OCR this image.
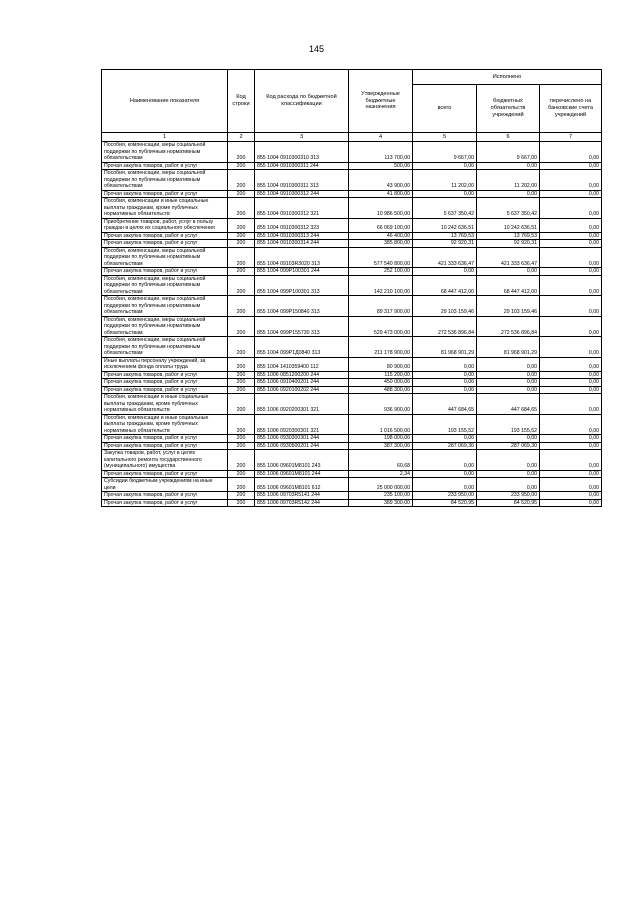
145
Наименование показателя	Код строки	Код расхода по бюджетной классификации	Утвержденные бюджетные назначения	Исполнено		
				всего	бюджетных обязательств учреждений	перечислено на банковские счета учреждений
1	2	3	4	5	6	7
Пособия, компенсации, меры социальной поддержки по публичным нормативным обязательствам	200	855 1004 0910300310 313	113 700,00	9 667,00	9 667,00	0,00
Прочая закупка товаров, работ и услуг	200	855 1004 0910300311 244	500,00	0,00	0,00	0,00
Пособия, компенсации, меры социальной поддержки по публичным нормативным обязательствам	200	855 1004 0910300311 313	43 900,00	11 202,00	11 202,00	0,00
Прочая закупка товаров, работ и услуг	200	855 1004 0910300312 244	41 800,00	0,00	0,00	0,00
Пособия, компенсации и иные социальные выплаты гражданам, кроме публичных нормативных обязательств	200	855 1004 0910300312 321	10 986 500,00	5 637 350,42	5 637 350,42	0,00
Приобретение товаров, работ, услуг в пользу граждан в целях их социального обеспечения	200	855 1004 0910300312 323	66 069 100,00	10 242 636,51	10 242 636,51	0,00
Прочая закупка товаров, работ и услуг	200	855 1004 0910300313 244	46 400,00	13 769,53	13 769,53	0,00
Прочая закупка товаров, работ и услуг	200	855 1004 0910300314 244	385 800,00	92 920,31	92 920,31	0,00
Пособия, компенсации, меры социальной поддержки по публичным нормативным обязательствам	200	855 1004 09103R3020 313	577 540 800,00	421 333 636,47	421 333 636,47	0,00
Прочая закупка товаров, работ и услуг	200	855 1004 099P100301 244	252 100,00	0,00	0,00	0,00
Пособия, компенсации, меры социальной поддержки по публичным нормативным обязательствам	200	855 1004 099P100301 313	142 210 100,00	68 447 412,00	68 447 412,00	0,00
Пособия, компенсации, меры социальной поддержки по публичным нормативным обязательствам	200	855 1004 099P150840 313	89 317 900,00	29 103 159,46	29 103 159,46	0,00
Пособия, компенсации, меры социальной поддержки по публичным нормативным обязательствам	200	855 1004 099P155730 313	529 473 000,00	272 536 896,84	272 536 896,84	0,00
Пособия, компенсации, меры социальной поддержки по публичным нормативным обязательствам	200	855 1004 099P1Д0840 313	211 178 900,00	81 968 901,29	81 968 901,29	0,00
Иные выплаты персоналу учреждений, за исключением фонда оплаты труда	200	855 1004 1410359400 112	80 900,00	0,00	0,00	0,00
Прочая закупка товаров, работ и услуг	200	855 1006 0851200200 244	115 200,00	0,00	0,00	0,00
Прочая закупка товаров, работ и услуг	200	855 1006 0910400201 244	450 000,00	0,00	0,00	0,00
Прочая закупка товаров, работ и услуг	200	855 1006 0920100202 244	488 300,00	0,00	0,00	0,00
Пособия, компенсации и иные социальные выплаты гражданам, кроме публичных нормативных обязательств	200	855 1006 0920200301 321	936 900,00	447 684,65	447 684,65	0,00
Пособия, компенсации и иные социальные выплаты гражданам, кроме публичных нормативных обязательств	200	855 1006 0920300301 321	1 016 500,00	193 155,52	193 155,52	0,00
Прочая закупка товаров, работ и услуг	200	855 1006 0930300301 244	198 000,00	0,00	0,00	0,00
Прочая закупка товаров, работ и услуг	200	855 1006 0930500201 244	387 300,00	287 069,30	287 069,30	0,00
Закупка товаров, работ, услуг в целях капитального ремонта государственного (муниципального) имущества	200	855 1006 09601M8101 243	60,68	0,00	0,00	0,00
Прочая закупка товаров, работ и услуг	200	855 1006 09601M8101 244	2,34	0,00	0,00	0,00
Субсидии бюджетным учреждениям на иные цели	200	855 1006 09601M8101 612	25 000 000,00	0,00	0,00	0,00
Прочая закупка товаров, работ и услуг	200	855 1006 09703R5141 244	235 100,00	233 950,00	233 950,00	0,00
Прочая закупка товаров, работ и услуг	200	855 1006 09703R5142 244	389 300,00	84 520,95	84 520,95	0,00
